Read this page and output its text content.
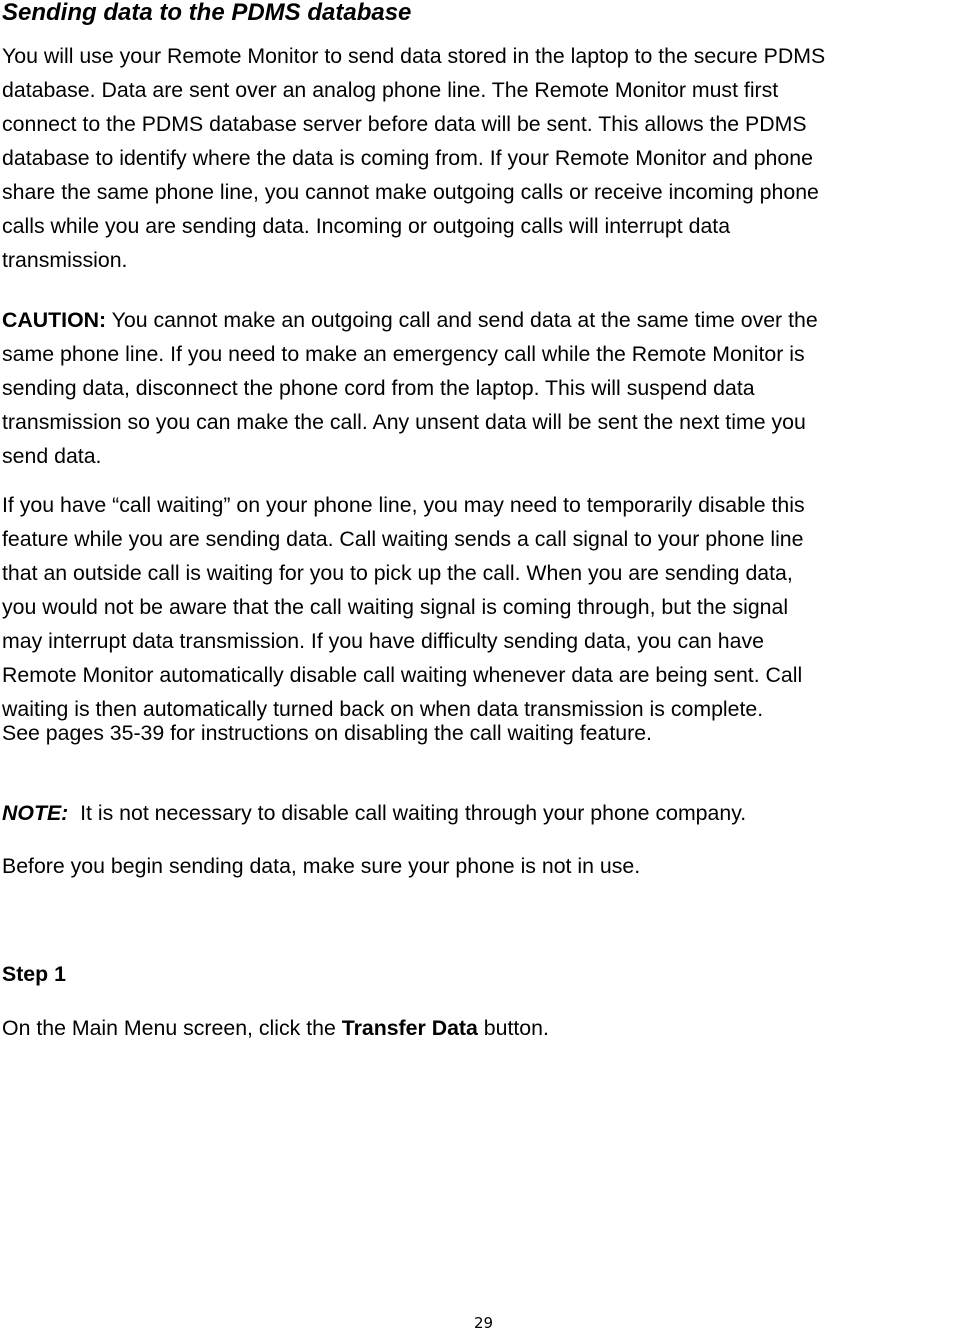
Sending data to the PDMS database

You will use your Remote Monitor to send data stored in the laptop to the secure PDMS
database. Data are sent over an analog phone line. The Remote Monitor must first
connect to the PDMS database server before data will be sent. This allows the PDMS
database to identify where the data is coming from. If your Remote Monitor and phone
share the same phone line, you cannot make outgoing calls or receive incoming phone
calls while you are sending data. Incoming or outgoing calls will interrupt data
transmission.

CAUTION: You cannot make an outgoing call and send data at the same time over the
same phone line. If you need to make an emergency call while the Remote Monitor is
sending data, disconnect the phone cord from the laptop. This will suspend data
transmission so you can make the call. Any unsent data will be sent the next time you
send data.

If you have “call waiting” on your phone line, you may need to temporarily disable this
feature while you are sending data. Call waiting sends a call signal to your phone line
that an outside call is waiting for you to pick up the call. When you are sending data,
you would not be aware that the call waiting signal is coming through, but the signal
may interrupt data transmission. If you have difficulty sending data, you can have
Remote Monitor automatically disable call waiting whenever data are being sent. Call
waiting is then automatically turned back on when data transmission is complete.

See pages 35-39 for instructions on disabling the call waiting feature.

NOTE:  It is not necessary to disable call waiting through your phone company.

Before you begin sending data, make sure your phone is not in use.

Step 1

On the Main Menu screen, click the Transfer Data button.

29
